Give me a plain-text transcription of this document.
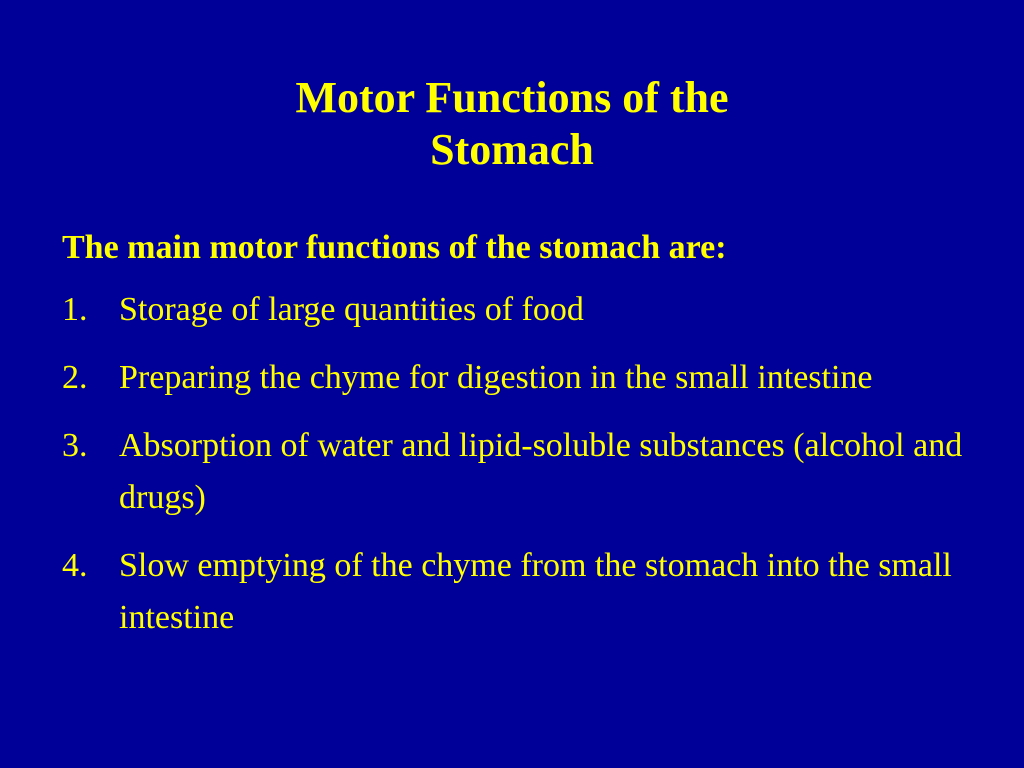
Motor Functions of the
Stomach

The main motor functions of the stomach are:

1. Storage of large quantities of food
2. Preparing the chyme for digestion in the small intestine
3. Absorption of water and lipid-soluble substances (alcohol and drugs)
4. Slow emptying of the chyme from the stomach into the small intestine
